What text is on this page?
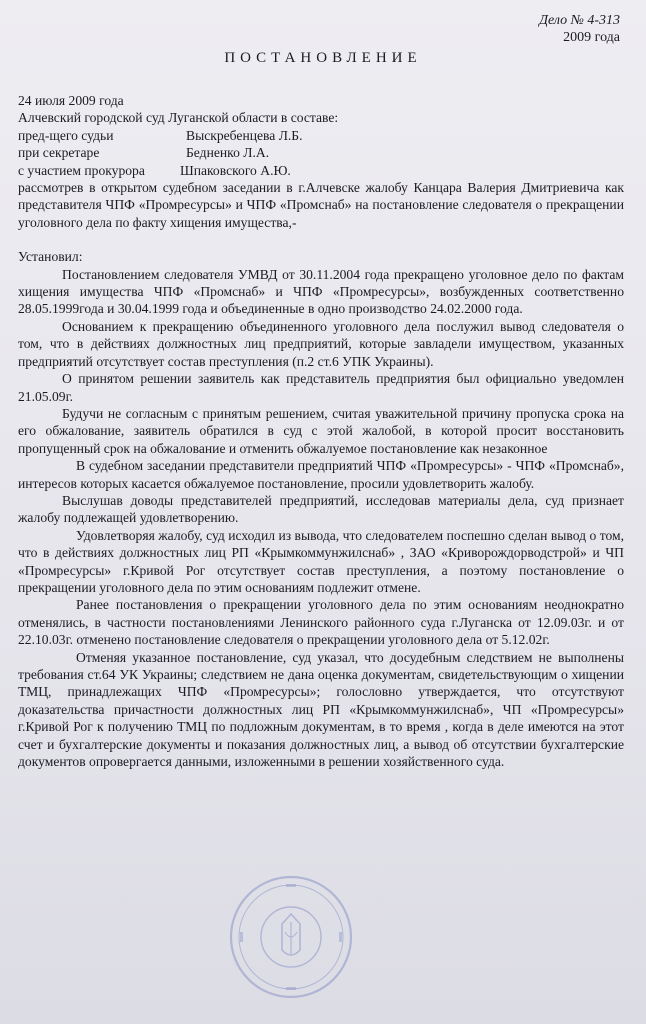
Дело № 4-313
2009 года
ПОСТАНОВЛЕНИЕ
24 июля 2009 года
Алчевский городской суд Луганской области в составе:
пред-щего судьи	Выскребенцева Л.Б.
при секретаре	Бедненко Л.А.
с участием прокурора	Шпаковского А.Ю.

рассмотрев в открытом судебном заседании в г.Алчевске жалобу Канцара Валерия Дмитриевича как представителя ЧПФ «Промресурсы» и ЧПФ «Промснаб» на постановление следователя о прекращении уголовного дела по факту хищения имущества,-

Установил:

Постановлением следователя УМВД от 30.11.2004 года прекращено уголовное дело по фактам хищения имущества ЧПФ «Промснаб» и ЧПФ «Промресурсы», возбужденных соответственно 28.05.1999года и 30.04.1999 года и объединенные в одно производство 24.02.2000 года.

Основанием к прекращению объединенного уголовного дела послужил вывод следователя о том, что в действиях должностных лиц предприятий, которые завладели имуществом, указанных предприятий отсутствует состав преступления (п.2 ст.6 УПК Украины).

О принятом решении заявитель как представитель предприятия был официально уведомлен 21.05.09г.

Будучи не согласным с принятым решением, считая уважительной причину пропуска срока на его обжалование, заявитель обратился в суд с этой жалобой, в которой просит восстановить пропущенный срок на обжалование и отменить обжалуемое постановление как незаконное

В судебном заседании представители предприятий ЧПФ «Промресурсы» - ЧПФ «Промснаб», интересов которых касается обжалуемое постановление, просили удовлетворить жалобу.

Выслушав доводы представителей предприятий, исследовав материалы дела, суд признает жалобу подлежащей удовлетворению.

Удовлетворяя жалобу, суд исходил из вывода, что следователем поспешно сделан вывод о том, что в действиях должностных лиц РП «Крымкоммунжилснаб» , ЗАО «Криворождорводстрой» и ЧП «Промресурсы» г.Кривой Рог отсутствует состав преступления, а поэтому постановление о прекращении уголовного дела по этим основаниям подлежит отмене.

Ранее постановления о прекращении уголовного дела по этим основаниям неоднократно отменялись, в частности постановлениями Ленинского районного суда г.Луганска от 12.09.03г. и от 22.10.03г. отменено постановление следователя о прекращении уголовного дела от 5.12.02г.

Отменяя указанное постановление, суд указал, что досудебным следствием не выполнены требования ст.64 УК Украины; следствием не дана оценка документам, свидетельствующим о хищении ТМЦ, принадлежащих ЧПФ «Промресурсы»; голословно утверждается, что отсутствуют доказательства причастности должностных лиц РП «Крымкоммунжилснаб», ЧП «Промресурсы» г.Кривой Рог к получению ТМЦ по подложным документам, в то время , когда в деле имеются на этот счет и бухгалтерские документы и показания должностных лиц, а вывод об отсутствии бухгалтерские документов опровергается данными, изложенными в решении хозяйственного суда.
